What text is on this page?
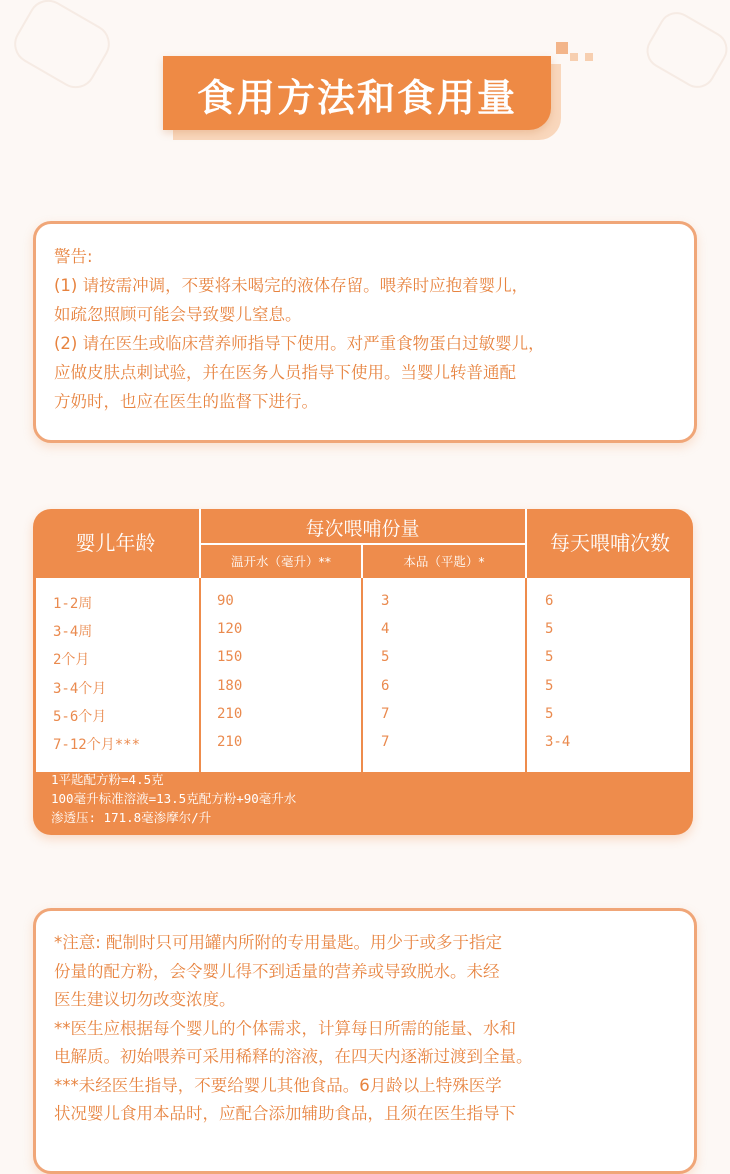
食用方法和食用量
警告:
(1) 请按需冲调，不要将未喝完的液体存留。喂养时应抱着婴儿，
如疏忽照顾可能会导致婴儿窒息。
(2) 请在医生或临床营养师指导下使用。对严重食物蛋白过敏婴儿，
应做皮肤点刺试验，并在医务人员指导下使用。当婴儿转普通配
方奶时，也应在医生的监督下进行。
婴儿年龄
每次喂哺份量
温开水（毫升）**	本品（平匙）*
每天喂哺次数
1-2周	90	3	6
3-4周	120	4	5
2个月	150	5	5
3-4个月	180	6	5
5-6个月	210	7	5
7-12个月***	210	7	3-4
1平匙配方粉=4.5克
100毫升标准溶液=13.5克配方粉+90毫升水
渗透压: 171.8毫渗摩尔/升
*注意: 配制时只可用罐内所附的专用量匙。用少于或多于指定
份量的配方粉，会令婴儿得不到适量的营养或导致脱水。未经
医生建议切勿改变浓度。
**医生应根据每个婴儿的个体需求，计算每日所需的能量、水和
电解质。初始喂养可采用稀释的溶液，在四天内逐渐过渡到全量。
***未经医生指导，不要给婴儿其他食品。6月龄以上特殊医学
状况婴儿食用本品时，应配合添加辅助食品，且须在医生指导下
